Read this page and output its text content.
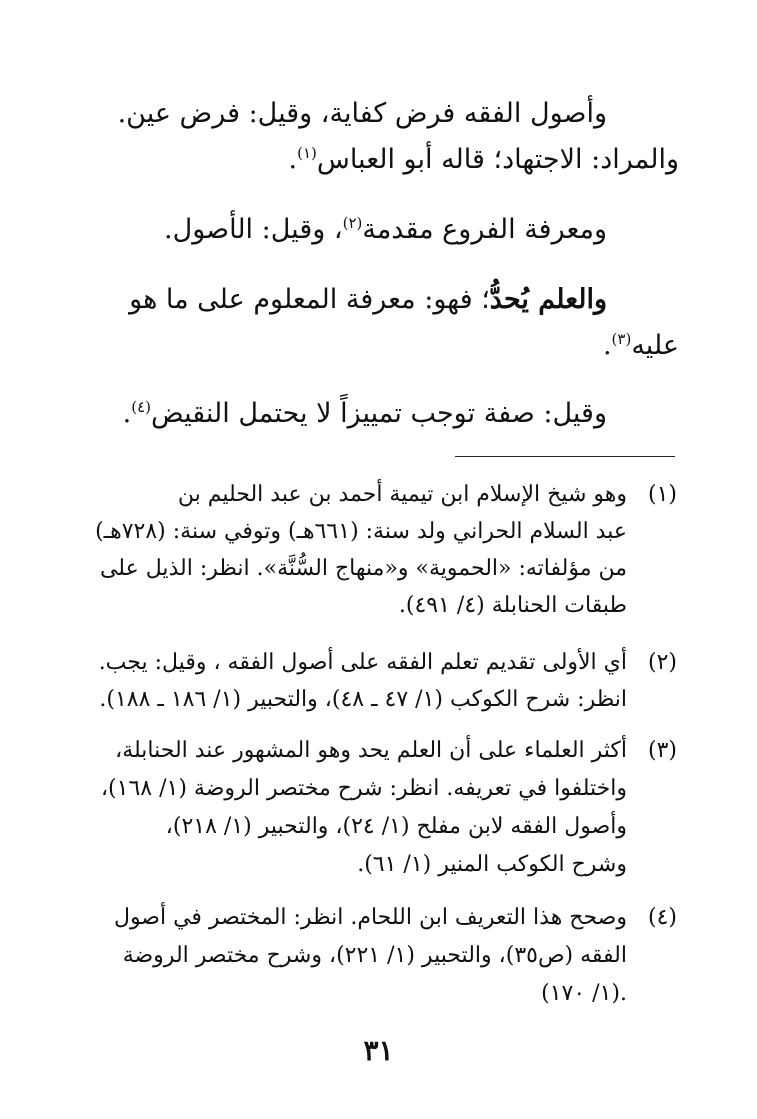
وأصول الفقه فرض كفاية، وقيل: فرض عين.
والمراد: الاجتهاد؛ قاله أبو العباس$^{(١)}$.
ومعرفة الفروع مقدمة$^{(٢)}$، وقيل: الأصول.
والعلم يُحدُّ؛ فهو: معرفة المعلوم على ما هو
عليه$^{(٣)}$.
وقيل: صفة توجب تمييزاً لا يحتمل النقيض$^{(٤)}$.
(١)
وهو شيخ الإسلام ابن تيمية أحمد بن عبد الحليم بن
عبد السلام الحراني ولد سنة: (٦٦١هـ) وتوفي سنة: (٧٢٨هـ)
من مؤلفاته: «الحموية» و«منهاج السُّنَّة». انظر: الذيل على
طبقات الحنابلة (٤/ ٤٩١).
(٢)
أي الأولى تقديم تعلم الفقه على أصول الفقه ، وقيل: يجب.
انظر: شرح الكوكب (١/ ٤٧ ـ ٤٨)، والتحبير (١/ ١٨٦ ـ ١٨٨).
(٣)
أكثر العلماء على أن العلم يحد وهو المشهور عند الحنابلة،
واختلفوا في تعريفه. انظر: شرح مختصر الروضة (١/ ١٦٨)،
وأصول الفقه لابن مفلح (١/ ٢٤)، والتحبير (١/ ٢١٨)،
وشرح الكوكب المنير (١/ ٦١).
(٤)
وصحح هذا التعريف ابن اللحام. انظر: المختصر في أصول
الفقه (ص٣٥)، والتحبير (١/ ٢٢١)، وشرح مختصر الروضة
(١/ ١٧٠).
٣١
